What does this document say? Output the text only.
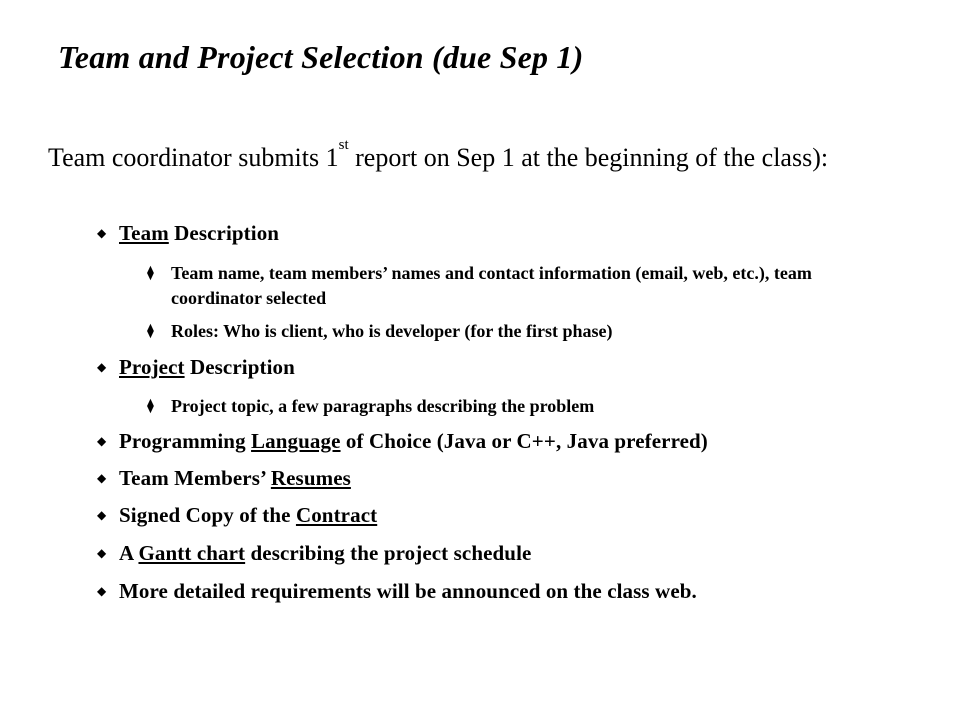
Team and Project Selection (due Sep 1)
Team coordinator submits 1st report on Sep 1 at the beginning of the class):
◆ Team Description
⧫ Team name, team members’ names and contact information (email, web, etc.), team coordinator selected
⧫ Roles: Who is client, who is developer (for the first phase)
◆ Project Description
⧫ Project topic, a few paragraphs describing the problem
◆ Programming Language of Choice (Java or C++, Java preferred)
◆ Team Members’ Resumes
◆ Signed Copy of the Contract
◆ A Gantt chart describing the project schedule
◆ More detailed requirements will be announced on the class web.
